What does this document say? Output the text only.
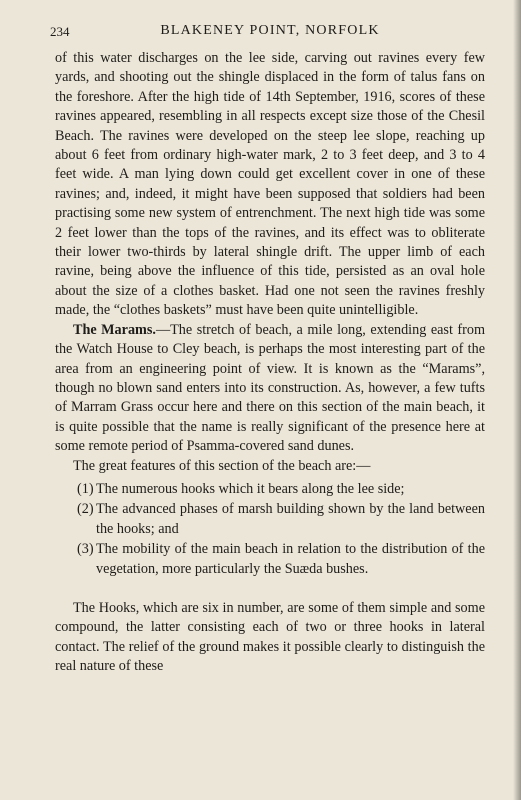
234	BLAKENEY POINT, NORFOLK

of this water discharges on the lee side, carving out ravines every few yards, and shooting out the shingle displaced in the form of talus fans on the foreshore. After the high tide of 14th September, 1916, scores of these ravines appeared, resembling in all respects except size those of the Chesil Beach. The ravines were developed on the steep lee slope, reaching up about 6 feet from ordinary high-water mark, 2 to 3 feet deep, and 3 to 4 feet wide. A man lying down could get excellent cover in one of these ravines; and, indeed, it might have been supposed that soldiers had been practising some new system of entrenchment. The next high tide was some 2 feet lower than the tops of the ravines, and its effect was to obliterate their lower two-thirds by lateral shingle drift. The upper limb of each ravine, being above the influence of this tide, persisted as an oval hole about the size of a clothes basket. Had one not seen the ravines freshly made, the “clothes baskets” must have been quite unintelligible.

The Marams.—The stretch of beach, a mile long, extending east from the Watch House to Cley beach, is perhaps the most interesting part of the area from an engineering point of view. It is known as the “Marams”, though no blown sand enters into its construction. As, however, a few tufts of Marram Grass occur here and there on this section of the main beach, it is quite possible that the name is really significant of the presence here at some remote period of Psamma-covered sand dunes.

The great features of this section of the beach are:—

(1) The numerous hooks which it bears along the lee side;
(2) The advanced phases of marsh building shown by the land between the hooks; and
(3) The mobility of the main beach in relation to the distribution of the vegetation, more particularly the Suæda bushes.

The Hooks, which are six in number, are some of them simple and some compound, the latter consisting each of two or three hooks in lateral contact. The relief of the ground makes it possible clearly to distinguish the real nature of these
